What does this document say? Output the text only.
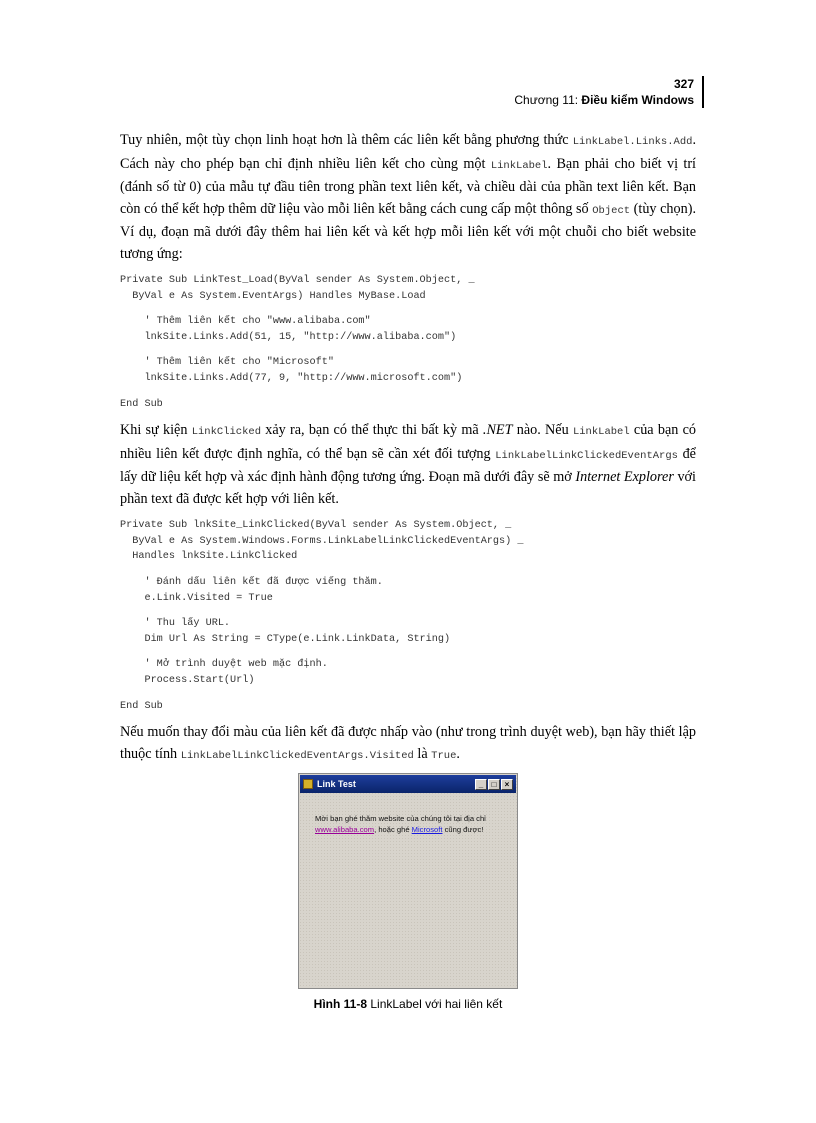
327
Chương 11: Điều kiểm Windows

Tuy nhiên, một tùy chọn linh hoạt hơn là thêm các liên kết bằng phương thức LinkLabel.Links.Add. Cách này cho phép bạn chỉ định nhiều liên kết cho cùng một LinkLabel. Bạn phải cho biết vị trí (đánh số từ 0) của mẫu tự đầu tiên trong phần text liên kết, và chiều dài của phần text liên kết. Bạn còn có thể kết hợp thêm dữ liệu vào mỗi liên kết bằng cách cung cấp một thông số Object (tùy chọn). Ví dụ, đoạn mã dưới đây thêm hai liên kết và kết hợp mỗi liên kết với một chuỗi cho biết website tương ứng:

Private Sub LinkTest_Load(ByVal sender As System.Object, _
ByVal e As System.EventArgs) Handles MyBase.Load
' Thêm liên kết cho "www.alibaba.com"
lnkSite.Links.Add(51, 15, "http://www.alibaba.com")
' Thêm liên kết cho "Microsoft"
lnkSite.Links.Add(77, 9, "http://www.microsoft.com")
End Sub

Khi sự kiện LinkClicked xảy ra, bạn có thể thực thi bất kỳ mã .NET nào. Nếu LinkLabel của bạn có nhiều liên kết được định nghĩa, có thể bạn sẽ cần xét đối tượng LinkLabelLinkClickedEventArgs để lấy dữ liệu kết hợp và xác định hành động tương ứng. Đoạn mã dưới đây sẽ mở Internet Explorer với phần text đã được kết hợp với liên kết.

Private Sub lnkSite_LinkClicked(ByVal sender As System.Object, _
ByVal e As System.Windows.Forms.LinkLabelLinkClickedEventArgs) _
Handles lnkSite.LinkClicked
' Đánh dấu liên kết đã được viếng thăm.
e.Link.Visited = True
' Thu lấy URL.
Dim Url As String = CType(e.Link.LinkData, String)
' Mở trình duyệt web mặc định.
Process.Start(Url)
End Sub

Nếu muốn thay đổi màu của liên kết đã được nhấp vào (như trong trình duyệt web), bạn hãy thiết lập thuộc tính LinkLabelLinkClickedEventArgs.Visited là True.

Link Test	_	□	×
Mời bạn ghé thăm website của chúng tôi tại địa chỉ www.alibaba.com, hoặc ghé Microsoft cũng được!
Hình 11-8 LinkLabel với hai liên kết
